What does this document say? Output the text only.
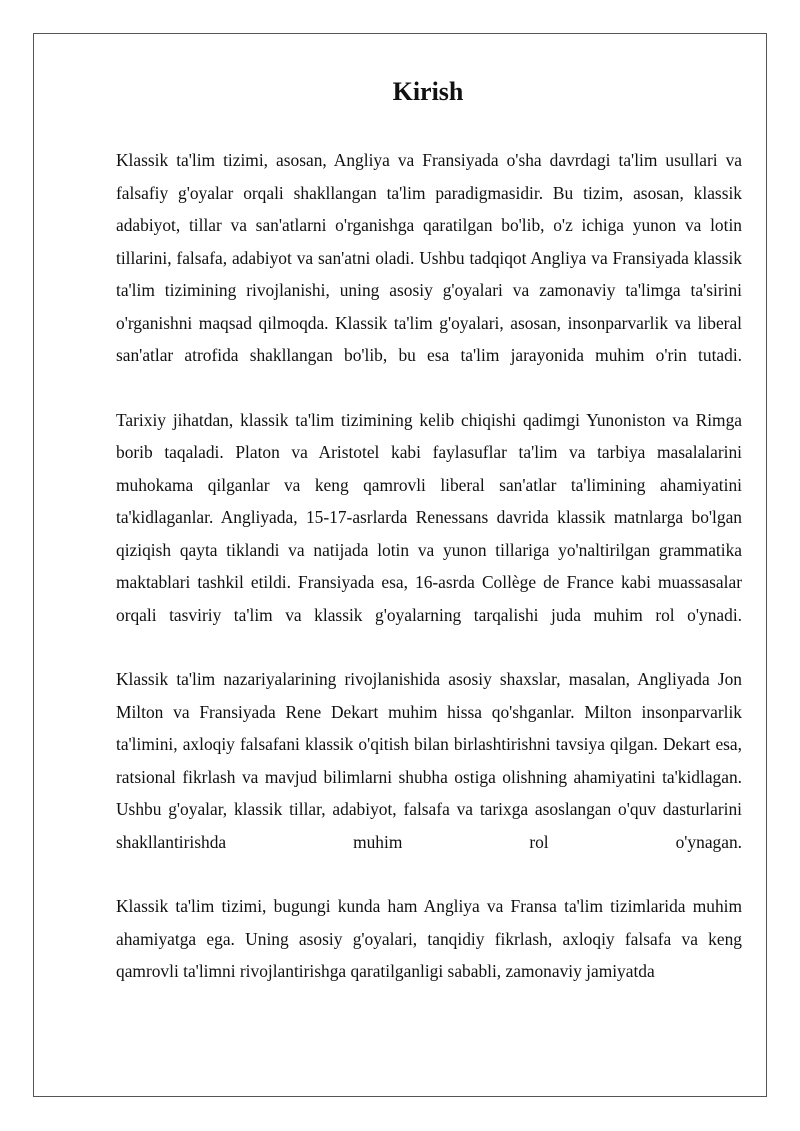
Kirish

Klassik ta'lim tizimi, asosan, Angliya va Fransiyada o'sha davrdagi ta'lim usullari va falsafiy g'oyalar orqali shakllangan ta'lim paradigmasidir. Bu tizim, asosan, klassik adabiyot, tillar va san'atlarni o'rganishga qaratilgan bo'lib, o'z ichiga yunon va lotin tillarini, falsafa, adabiyot va san'atni oladi. Ushbu tadqiqot Angliya va Fransiyada klassik ta'lim tizimining rivojlanishi, uning asosiy g'oyalari va zamonaviy ta'limga ta'sirini o'rganishni maqsad qilmoqda. Klassik ta'lim g'oyalari, asosan, insonparvarlik va liberal san'atlar atrofida shakllangan bo'lib, bu esa ta'lim jarayonida muhim o'rin tutadi.

Tarixiy jihatdan, klassik ta'lim tizimining kelib chiqishi qadimgi Yunoniston va Rimga borib taqaladi. Platon va Aristotel kabi faylasuflar ta'lim va tarbiya masalalarini muhokama qilganlar va keng qamrovli liberal san'atlar ta'limining ahamiyatini ta'kidlaganlar. Angliyada, 15-17-asrlarda Renessans davrida klassik matnlarga bo'lgan qiziqish qayta tiklandi va natijada lotin va yunon tillariga yo'naltirilgan grammatika maktablari tashkil etildi. Fransiyada esa, 16-asrda Collège de France kabi muassasalar orqali tasviriy ta'lim va klassik g'oyalarning tarqalishi juda muhim rol o'ynadi.

Klassik ta'lim nazariyalarining rivojlanishida asosiy shaxslar, masalan, Angliyada Jon Milton va Fransiyada Rene Dekart muhim hissa qo'shganlar. Milton insonparvarlik ta'limini, axloqiy falsafani klassik o'qitish bilan birlashtirishni tavsiya qilgan. Dekart esa, ratsional fikrlash va mavjud bilimlarni shubha ostiga olishning ahamiyatini ta'kidlagan. Ushbu g'oyalar, klassik tillar, adabiyot, falsafa va tarixga asoslangan o'quv dasturlarini shakllantirishda muhim rol o'ynagan.

Klassik ta'lim tizimi, bugungi kunda ham Angliya va Fransa ta'lim tizimlarida muhim ahamiyatga ega. Uning asosiy g'oyalari, tanqidiy fikrlash, axloqiy falsafa va keng qamrovli ta'limni rivojlantirishga qaratilganligi sababli, zamonaviy jamiyatda
